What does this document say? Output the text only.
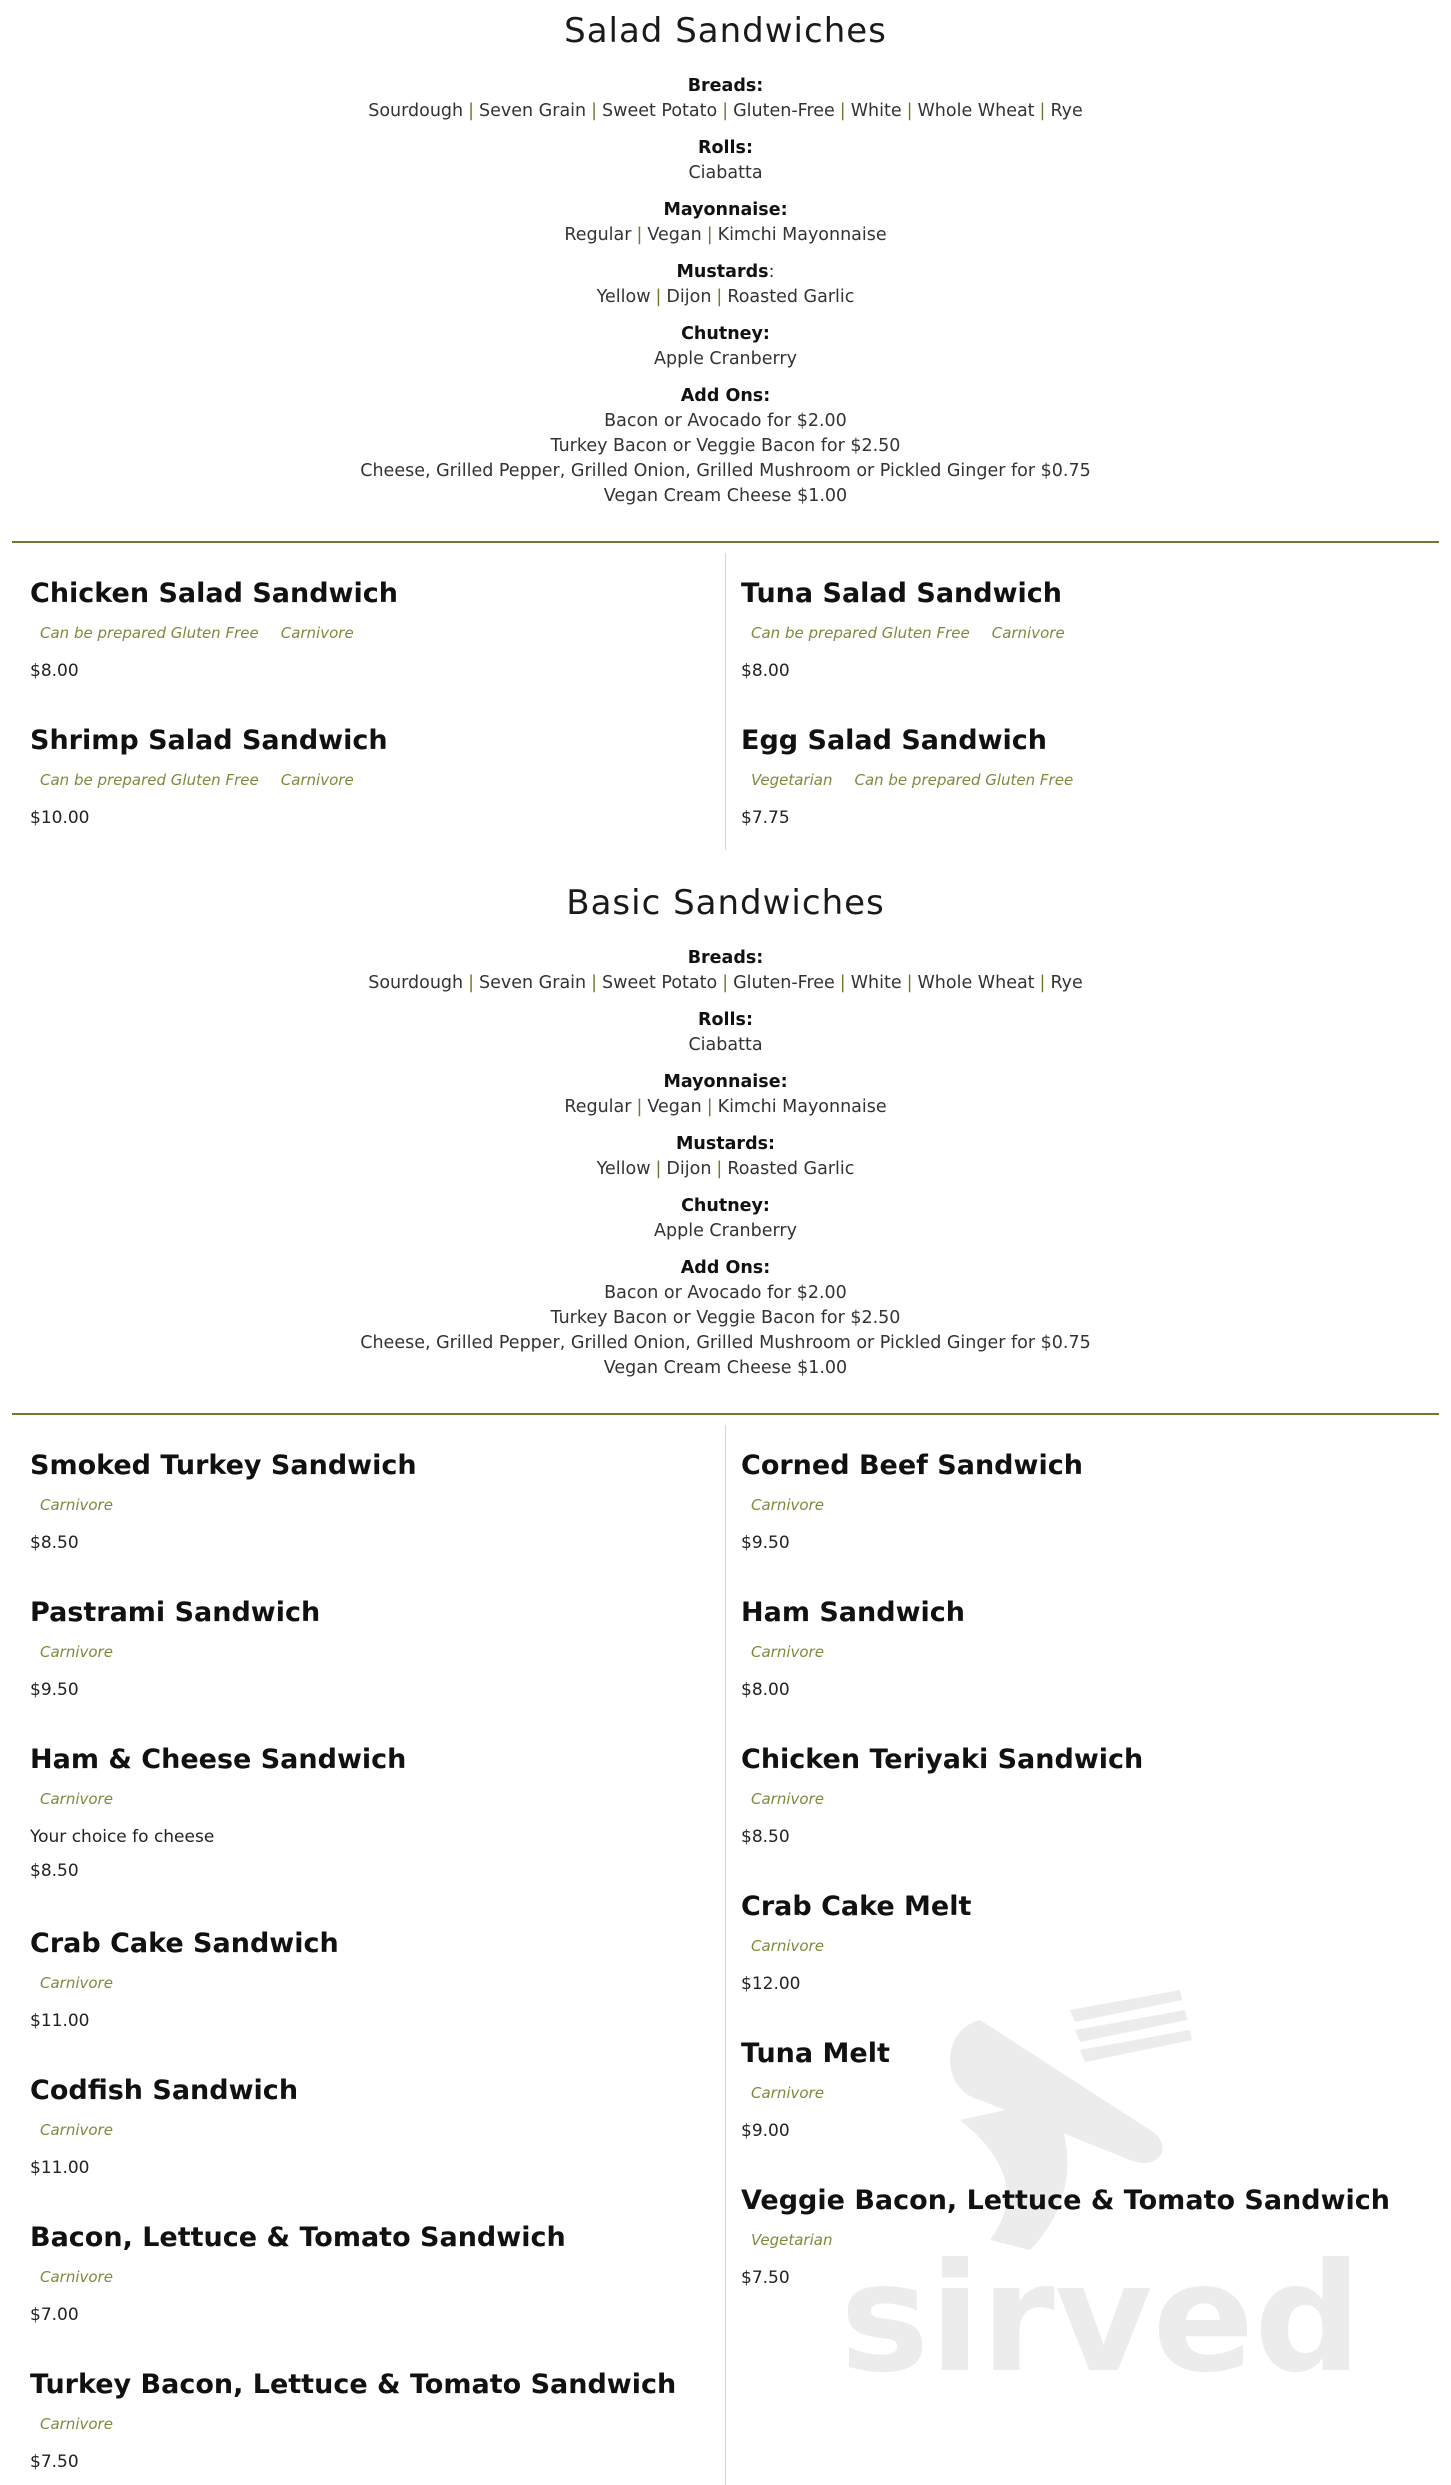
Salad Sandwiches
Breads:
Sourdough | Seven Grain | Sweet Potato | Gluten-Free | White | Whole Wheat | Rye
Rolls:
Ciabatta
Mayonnaise:
Regular | Vegan | Kimchi Mayonnaise
Mustards:
Yellow | Dijon | Roasted Garlic
Chutney:
Apple Cranberry
Add Ons:
Bacon or Avocado for $2.00
Turkey Bacon or Veggie Bacon for $2.50
Cheese, Grilled Pepper, Grilled Onion, Grilled Mushroom or Pickled Ginger for $0.75
Vegan Cream Cheese $1.00
Chicken Salad Sandwich
Can be prepared Gluten Free Carnivore
$8.00
Shrimp Salad Sandwich
Can be prepared Gluten Free Carnivore
$10.00
Tuna Salad Sandwich
Can be prepared Gluten Free Carnivore
$8.00
Egg Salad Sandwich
Vegetarian Can be prepared Gluten Free
$7.75
Basic Sandwiches
Breads:
Sourdough | Seven Grain | Sweet Potato | Gluten-Free | White | Whole Wheat | Rye
Rolls:
Ciabatta
Mayonnaise:
Regular | Vegan | Kimchi Mayonnaise
Mustards:
Yellow | Dijon | Roasted Garlic
Chutney:
Apple Cranberry
Add Ons:
Bacon or Avocado for $2.00
Turkey Bacon or Veggie Bacon for $2.50
Cheese, Grilled Pepper, Grilled Onion, Grilled Mushroom or Pickled Ginger for $0.75
Vegan Cream Cheese $1.00
sirved
Smoked Turkey Sandwich
Carnivore
$8.50
Pastrami Sandwich
Carnivore
$9.50
Ham & Cheese Sandwich
Carnivore
Your choice fo cheese
$8.50
Crab Cake Sandwich
Carnivore
$11.00
Codfish Sandwich
Carnivore
$11.00
Bacon, Lettuce & Tomato Sandwich
Carnivore
$7.00
Turkey Bacon, Lettuce & Tomato Sandwich
Carnivore
$7.50
Corned Beef Sandwich
Carnivore
$9.50
Ham Sandwich
Carnivore
$8.00
Chicken Teriyaki Sandwich
Carnivore
$8.50
Crab Cake Melt
Carnivore
$12.00
Tuna Melt
Carnivore
$9.00
Veggie Bacon, Lettuce & Tomato Sandwich
Vegetarian
$7.50
